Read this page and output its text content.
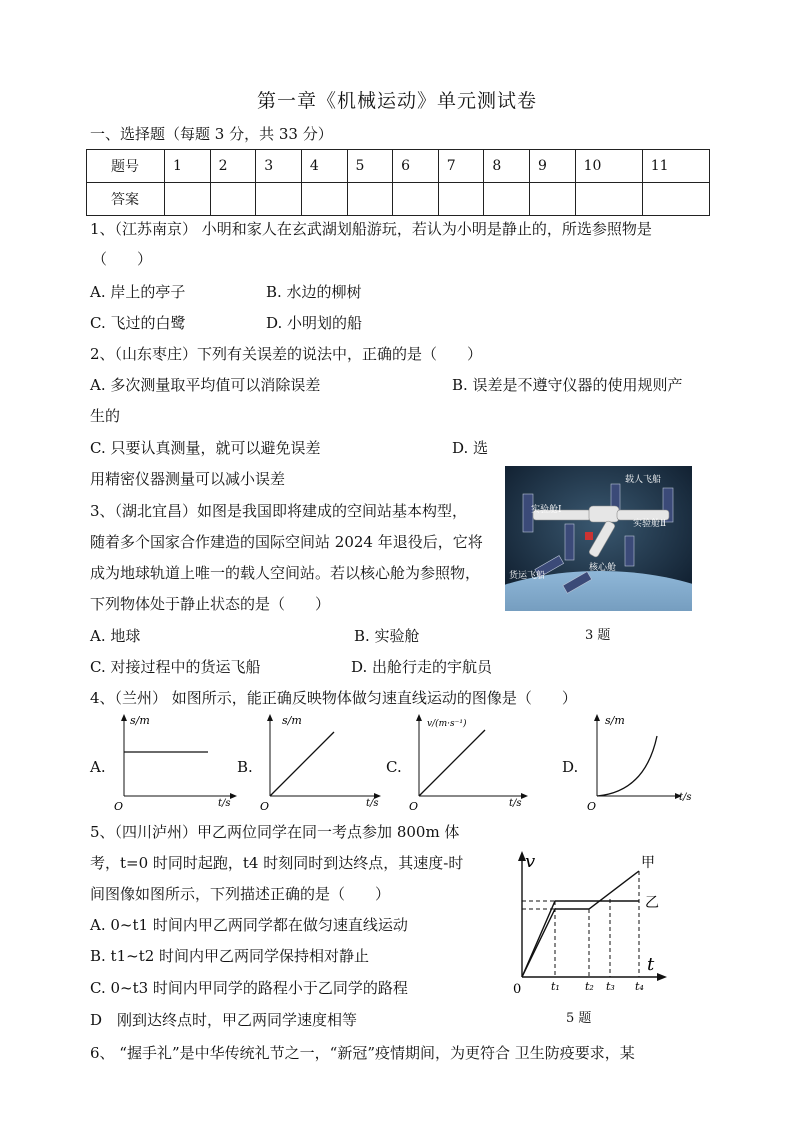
第一章《机械运动》单元测试卷
一、选择题（每题 3 分，共 33 分）
题号	1	2	3	4	5	6	7	8	9	10	11
答案											
1、（江苏南京） 小明和家人在玄武湖划船游玩，若认为小明是静止的，所选参照物是
（　　）
A. 岸上的亭子	B. 水边的柳树
C. 飞过的白鹭	D. 小明划的船
2、（山东枣庄）下列有关误差的说法中，正确的是（　　）
A. 多次测量取平均值可以消除误差	B. 误差是不遵守仪器的使用规则产
生的
C. 只要认真测量，就可以避免误差	D. 选
用精密仪器测量可以减小误差
3、（湖北宜昌）如图是我国即将建成的空间站基本构型，
随着多个国家合作建造的国际空间站 2024 年退役后，它将
成为地球轨道上唯一的载人空间站。若以核心舱为参照物，
下列物体处于静止状态的是（　　）
A. 地球	B. 实验舱
C. 对接过程中的货运飞船	D. 出舱行走的宇航员
实验舱Ⅰ
载人飞船
实验舱Ⅱ
货运飞船
核心舱
3 题
4、（兰州） 如图所示，能正确反映物体做匀速直线运动的图像是（　　）
A.
s/m
t/s
O
B.
s/m
t/s
O
C.
v/(m·s⁻¹)
t/s
O
D.
s/m
t/s
O
5、（四川泸州）甲乙两位同学在同一考点参加 800m 体
考，t=0 时同时起跑，t4 时刻同时到达终点，其速度-时
间图像如图所示，下列描述正确的是（　　）
A. 0~t1 时间内甲乙两同学都在做匀速直线运动
B. t1~t2 时间内甲乙两同学保持相对静止
C. 0~t3 时间内甲同学的路程小于乙同学的路程
D　刚到达终点时，甲乙两同学速度相等
v
t
0
甲
乙
t₁ t₂ t₃ t₄
5 题
6、 “握手礼”是中华传统礼节之一，“新冠”疫情期间，为更符合 卫生防疫要求，某
